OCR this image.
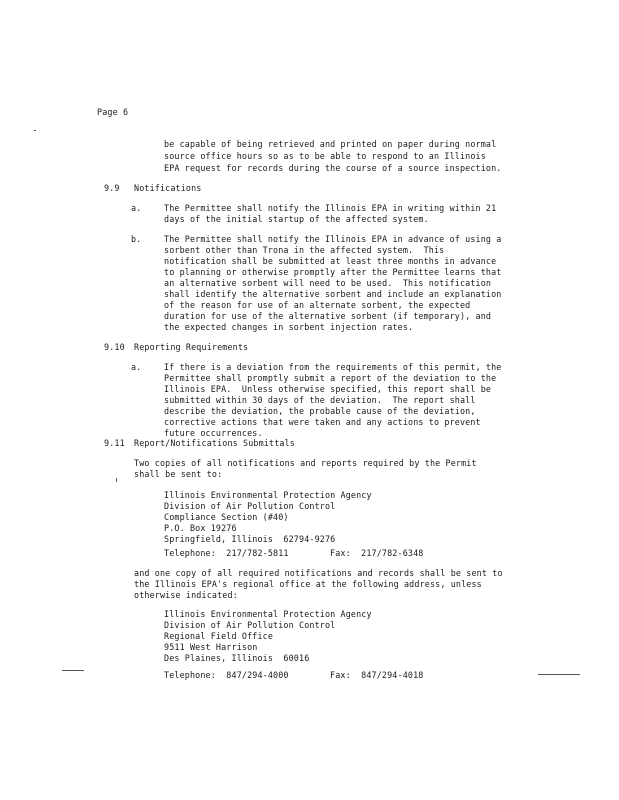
Page 6
be capable of being retrieved and printed on paper during normal
source office hours so as to be able to respond to an Illinois
EPA request for records during the course of a source inspection.
9.9 Notifications
a.	The Permittee shall notify the Illinois EPA in writing within 21
days of the initial startup of the affected system.
b.	The Permittee shall notify the Illinois EPA in advance of using a
sorbent other than Trona in the affected system.  This
notification shall be submitted at least three months in advance
to planning or otherwise promptly after the Permittee learns that
an alternative sorbent will need to be used.  This notification
shall identify the alternative sorbent and include an explanation
of the reason for use of an alternate sorbent, the expected
duration for use of the alternative sorbent (if temporary), and
the expected changes in sorbent injection rates.
9.10 Reporting Requirements
a.	If there is a deviation from the requirements of this permit, the
Permittee shall promptly submit a report of the deviation to the
Illinois EPA.  Unless otherwise specified, this report shall be
submitted within 30 days of the deviation.  The report shall
describe the deviation, the probable cause of the deviation,
corrective actions that were taken and any actions to prevent
future occurrences.
9.11 Report/Notifications Submittals
Two copies of all notifications and reports required by the Permit
shall be sent to:
Illinois Environmental Protection Agency
Division of Air Pollution Control
Compliance Section (#40)
P.O. Box 19276
Springfield, Illinois  62794-9276
Telephone:  217/782-5811	Fax:  217/782-6348
and one copy of all required notifications and records shall be sent to
the Illinois EPA's regional office at the following address, unless
otherwise indicated:
Illinois Environmental Protection Agency
Division of Air Pollution Control
Regional Field Office
9511 West Harrison
Des Plaines, Illinois  60016
Telephone:  847/294-4000	Fax:  847/294-4018
